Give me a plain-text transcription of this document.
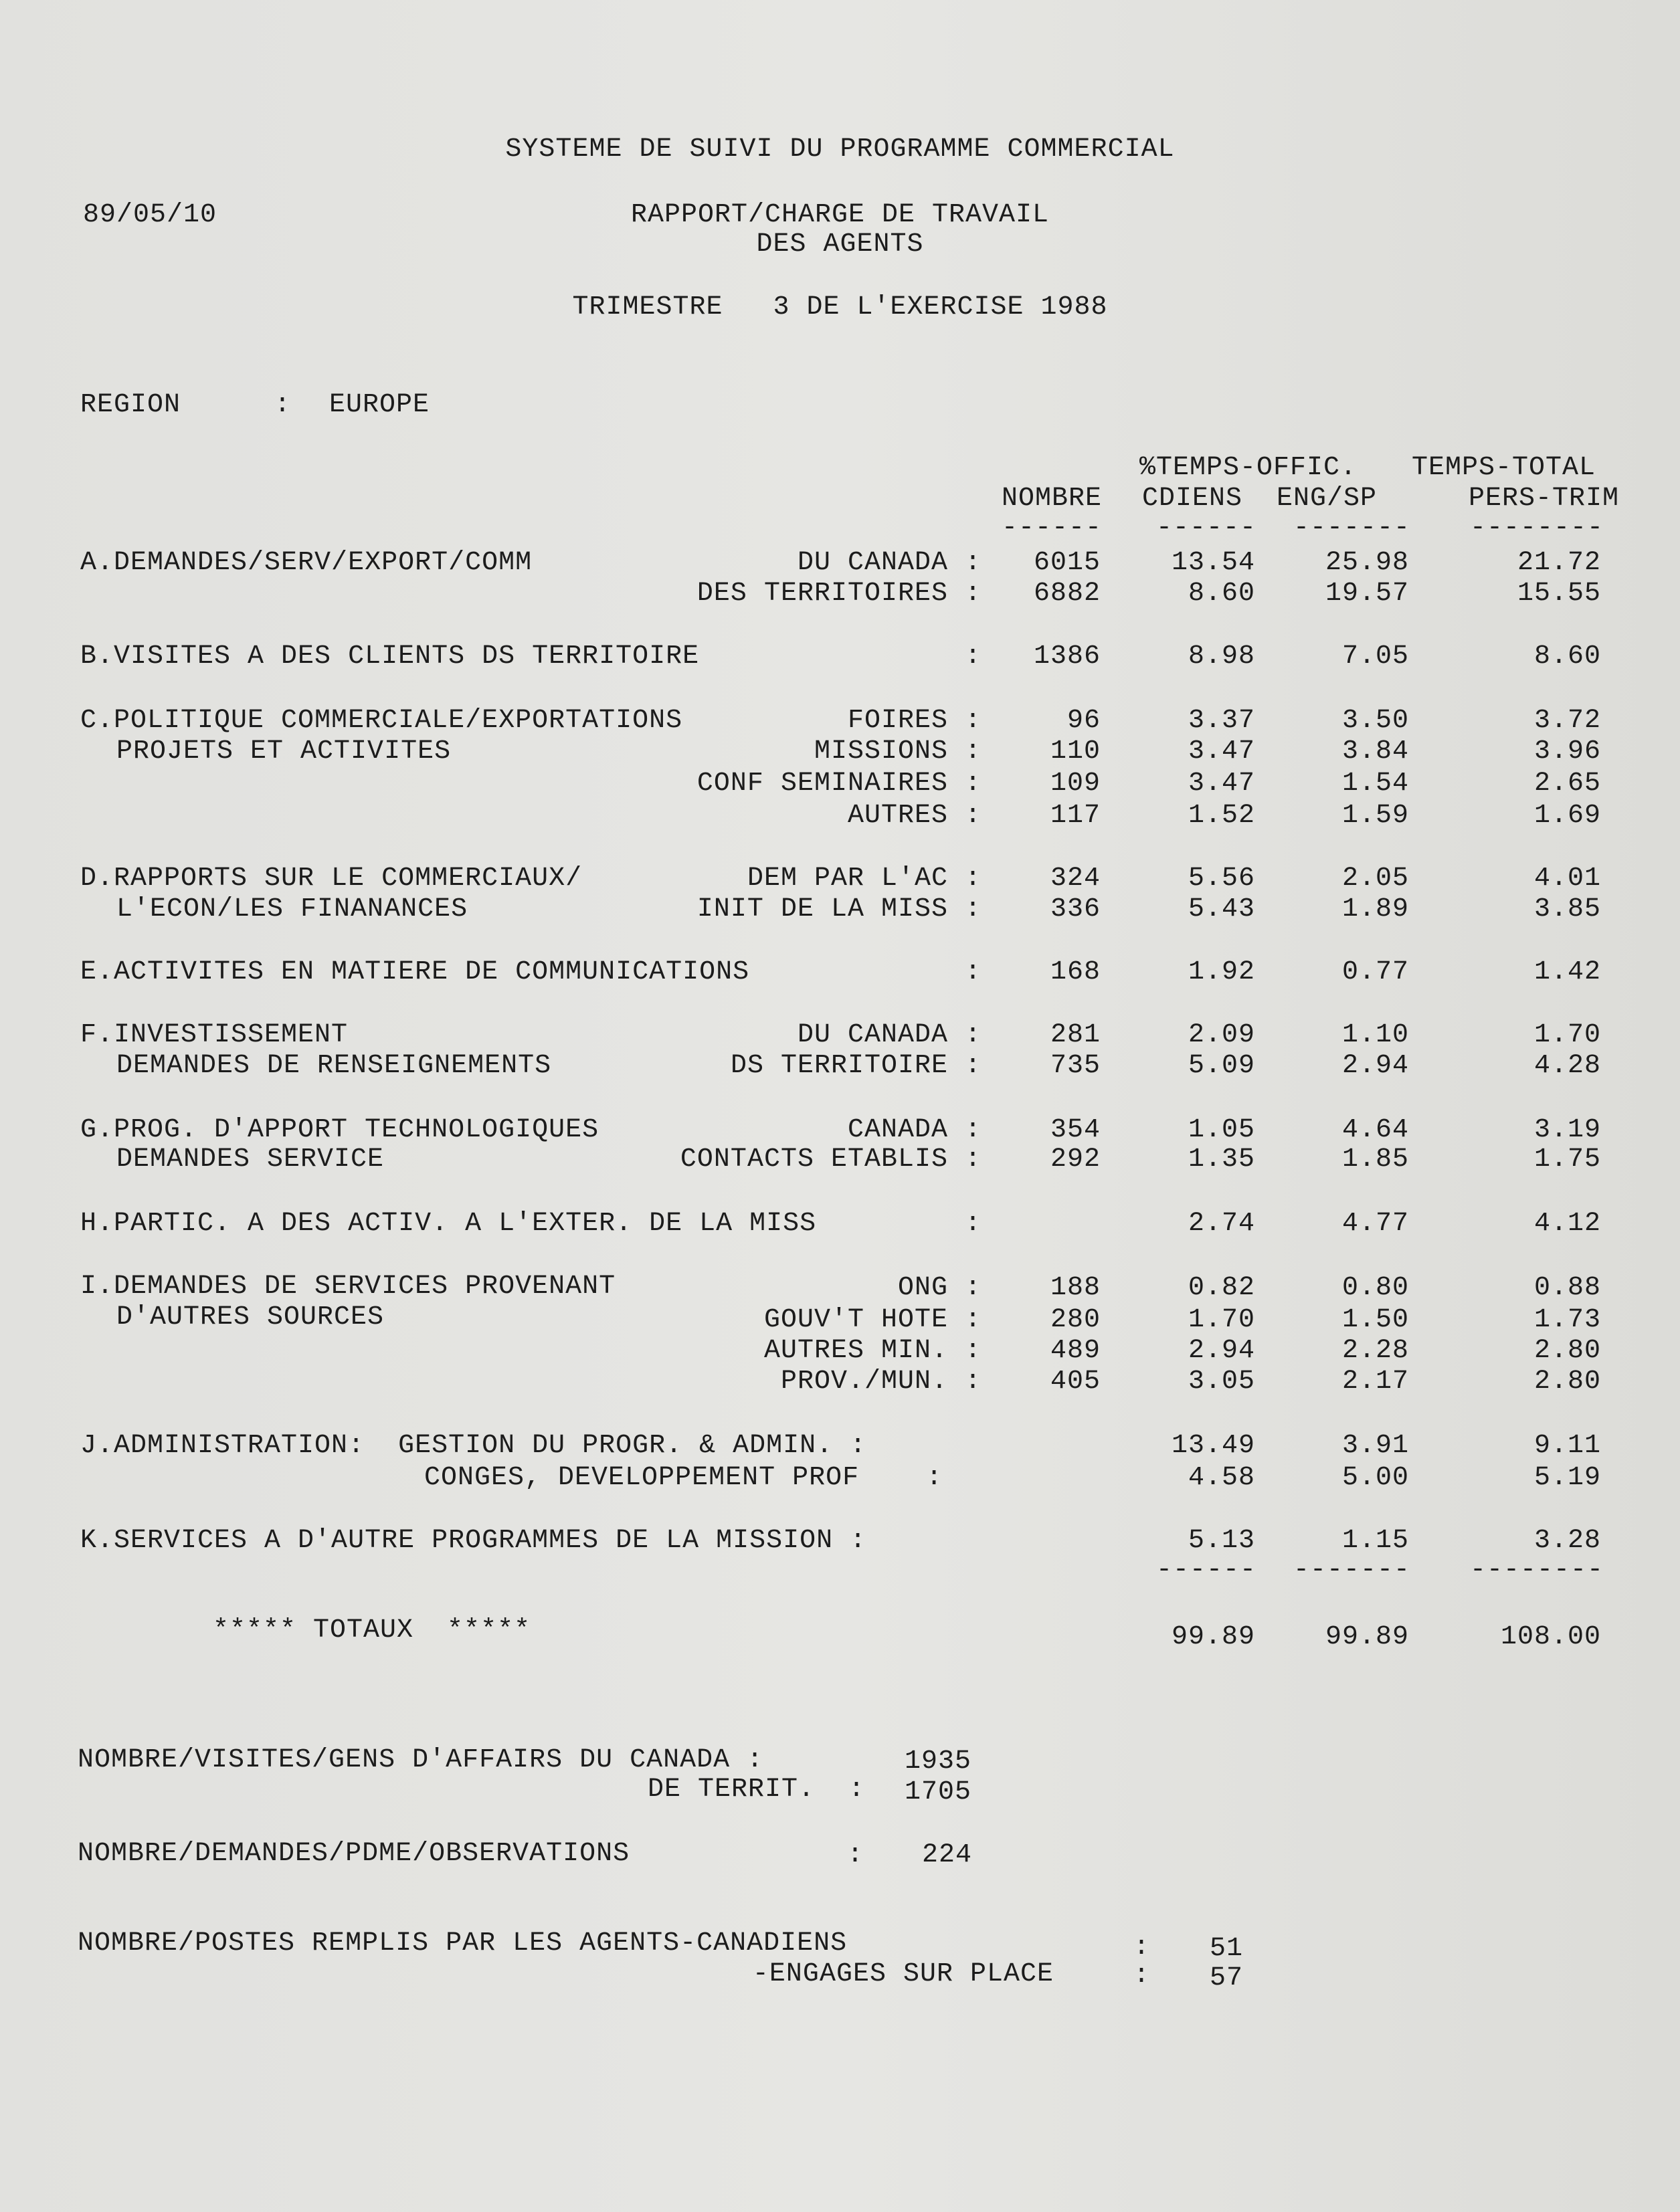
SYSTEME DE SUIVI DU PROGRAMME COMMERCIAL
89/05/10	RAPPORT/CHARGE DE TRAVAIL
DES AGENTS
TRIMESTRE   3 DE L'EXERCISE 1988
REGION	: EUROPE
%TEMPS-OFFIC. TEMPS-TOTAL
NOMBRE CDIENS ENG/SP	PERS-TRIM
------ ------ ------- --------
A.DEMANDES/SERV/EXPORT/COMM	DU CANADA : 6015	13.54	25.98	21.72
DES TERRITOIRES : 6882	8.60	19.57	15.55
B.VISITES A DES CLIENTS DS TERRITOIRE	: 1386	8.98	7.05	8.60
C.POLITIQUE COMMERCIALE/EXPORTATIONS	FOIRES :	96	3.37	3.50	3.72
PROJETS ET ACTIVITES	MISSIONS :	110	3.47	3.84	3.96
CONF SEMINAIRES :	109	3.47	1.54	2.65
AUTRES :	117	1.52	1.59	1.69
D.RAPPORTS SUR LE COMMERCIAUX/	DEM PAR L'AC :	324	5.56	2.05	4.01
L'ECON/LES FINANANCES	INIT DE LA MISS :	336	5.43	1.89	3.85
E.ACTIVITES EN MATIERE DE COMMUNICATIONS	:	168	1.92	0.77	1.42
F.INVESTISSEMENT	DU CANADA :	281	2.09	1.10	1.70
DEMANDES DE RENSEIGNEMENTS	DS TERRITOIRE :	735	5.09	2.94	4.28
G.PROG. D'APPORT TECHNOLOGIQUES	CANADA :	354	1.05	4.64	3.19
DEMANDES SERVICE	CONTACTS ETABLIS :	292	1.35	1.85	1.75
H.PARTIC. A DES ACTIV. A L'EXTER. DE LA MISS	:	2.74	4.77	4.12
I.DEMANDES DE SERVICES PROVENANT	ONG :	188	0.82	0.80	0.88
D'AUTRES SOURCES	GOUV'T HOTE :	280	1.70	1.50	1.73
AUTRES MIN. :	489	2.94	2.28	2.80
PROV./MUN. :	405	3.05	2.17	2.80
J.ADMINISTRATION:  GESTION DU PROGR. & ADMIN. :	13.49	3.91	9.11
CONGES, DEVELOPPEMENT PROF    :	4.58	5.00	5.19
K.SERVICES A D'AUTRE PROGRAMMES DE LA MISSION :	5.13	1.15	3.28
------ ------- --------
***** TOTAUX  *****	99.89	99.89	108.00
NOMBRE/VISITES/GENS D'AFFAIRS DU CANADA :	1935
DE TERRIT.  : 1705
NOMBRE/DEMANDES/PDME/OBSERVATIONS	: 224
NOMBRE/POSTES REMPLIS PAR LES AGENTS-CANADIENS	: 51
-ENGAGES SUR PLACE	: 57
